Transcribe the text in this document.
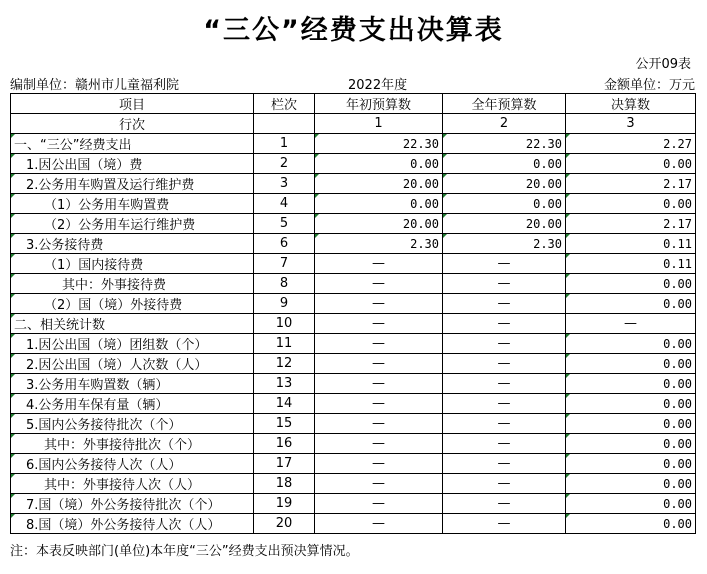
“三公”经费支出决算表
公开09表
编制单位：赣州市儿童福利院	2022年度	金额单位：万元
项目	栏次	年初预算数	全年预算数	决算数
行次		1	2	3
一、“三公”经费支出	1	22.30	22.30	2.27
1.因公出国（境）费	2	0.00	0.00	0.00
2.公务用车购置及运行维护费	3	20.00	20.00	2.17
（1）公务用车购置费	4	0.00	0.00	0.00
（2）公务用车运行维护费	5	20.00	20.00	2.17
3.公务接待费	6	2.30	2.30	0.11
（1）国内接待费	7	—	—	0.11
其中：外事接待费	8	—	—	0.00
（2）国（境）外接待费	9	—	—	0.00
二、相关统计数	10	—	—	—
1.因公出国（境）团组数（个）	11	—	—	0.00
2.因公出国（境）人次数（人）	12	—	—	0.00
3.公务用车购置数（辆）	13	—	—	0.00
4.公务用车保有量（辆）	14	—	—	0.00
5.国内公务接待批次（个）	15	—	—	0.00
其中：外事接待批次（个）	16	—	—	0.00
6.国内公务接待人次（人）	17	—	—	0.00
其中：外事接待人次（人）	18	—	—	0.00
7.国（境）外公务接待批次（个）	19	—	—	0.00
8.国（境）外公务接待人次（人）	20	—	—	0.00
注：本表反映部门(单位)本年度“三公”经费支出预决算情况。
